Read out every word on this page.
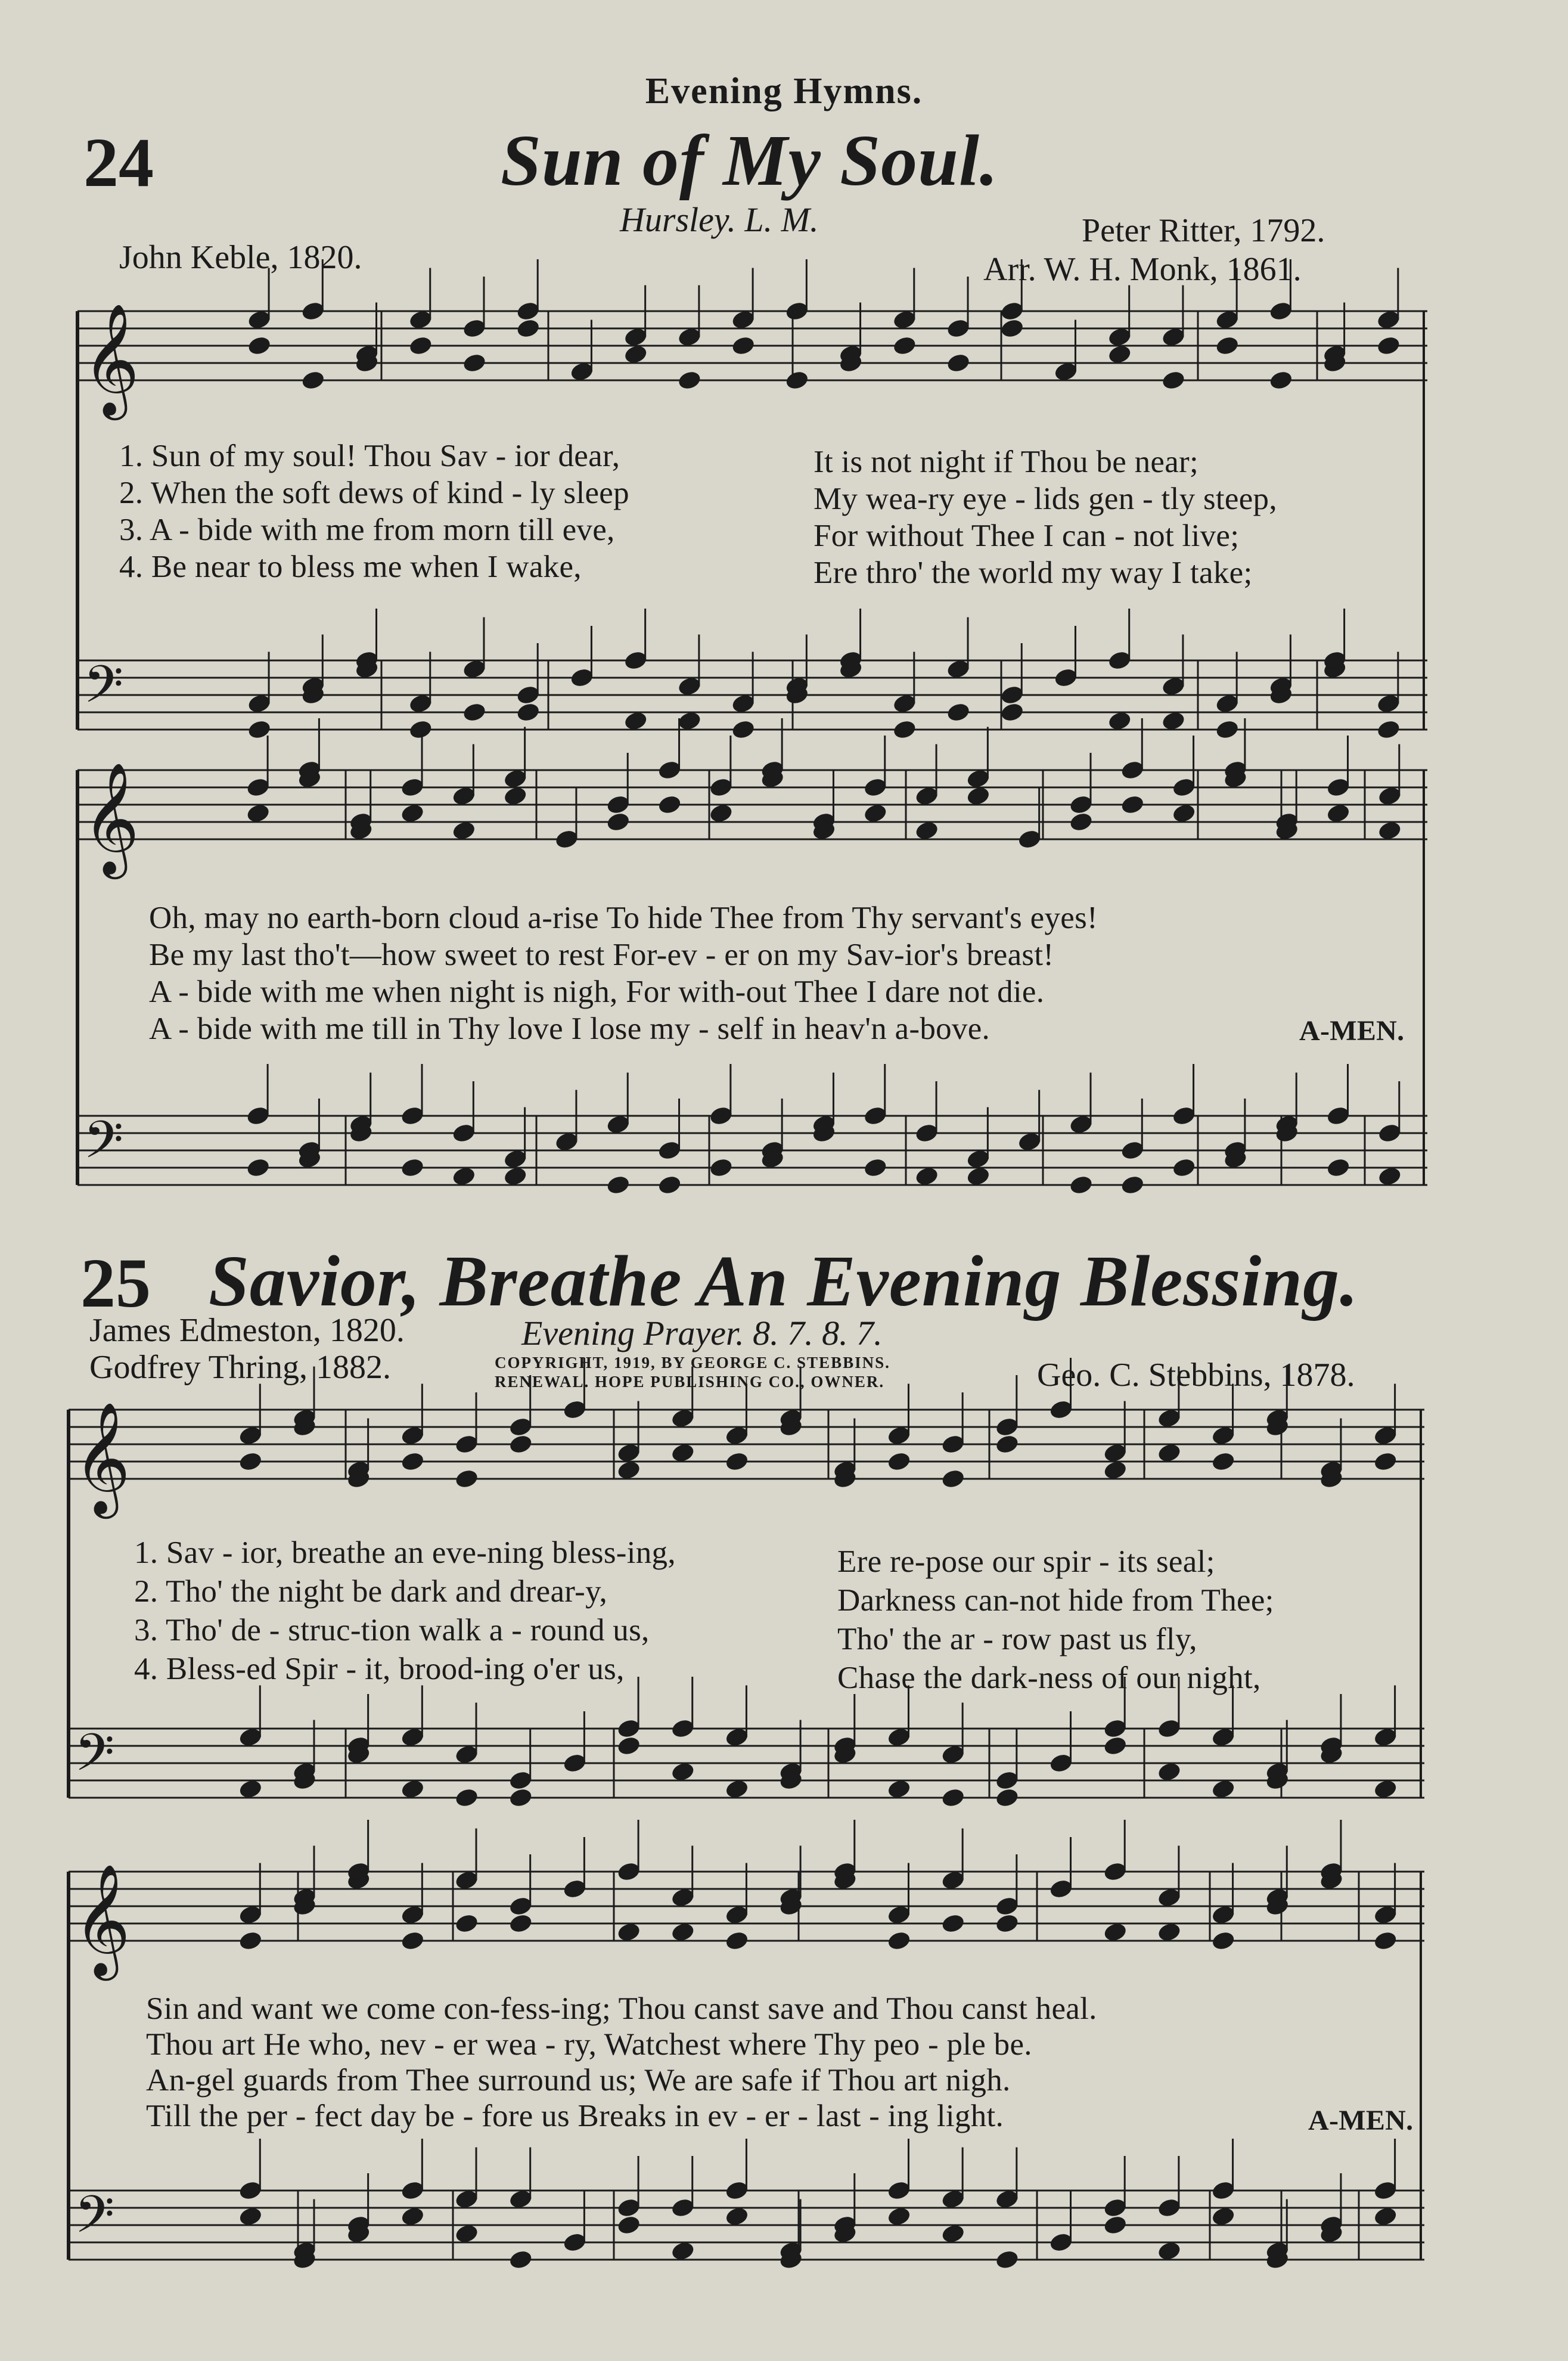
Evening Hymns.
24	Sun of My Soul.
Hursley. L. M.
John Keble, 1820.
Peter Ritter, 1792.
Arr. W. H. Monk, 1861.
1. Sun of my soul! Thou Sav - ior dear,	It is not night if Thou be near;
2. When the soft dews of kind - ly sleep	My wea-ry eye - lids gen - tly steep,
3. A - bide with me from morn till eve,	For without Thee I can - not live;
4. Be near to bless me when I wake,	Ere thro' the world my way I take;
Oh, may no earth-born cloud a-rise To hide Thee from Thy servant's eyes!
Be my last tho't—how sweet to rest For-ev - er on my Sav-ior's breast!
A - bide with me when night is nigh, For with-out Thee I dare not die.
A - bide with me till in Thy love I lose my - self in heav'n a-bove.	A-MEN.
25 Savior, Breathe An Evening Blessing.
James Edmeston, 1820.	Evening Prayer. 8. 7. 8. 7.
Godfrey Thring, 1882.	COPYRIGHT, 1919, BY GEORGE C. STEBBINS.
RENEWAL. HOPE PUBLISHING CO., OWNER.	Geo. C. Stebbins, 1878.
1. Sav - ior, breathe an eve-ning bless-ing,	Ere re-pose our spir - its seal;
2. Tho' the night be dark and drear-y,	Darkness can-not hide from Thee;
3. Tho' de - struc-tion walk a - round us,	Tho' the ar - row past us fly,
4. Bless-ed Spir - it, brood-ing o'er us,	Chase the dark-ness of our night,
Sin and want we come con-fess-ing; Thou canst save and Thou canst heal.
Thou art He who, nev - er wea - ry, Watchest where Thy peo - ple be.
An-gel guards from Thee surround us; We are safe if Thou art nigh.
Till the per - fect day be - fore us Breaks in ev - er - last - ing light.	A-MEN.
𝄞
𝄢
𝄞
𝄢
𝄞
𝄢
𝄞
𝄢
